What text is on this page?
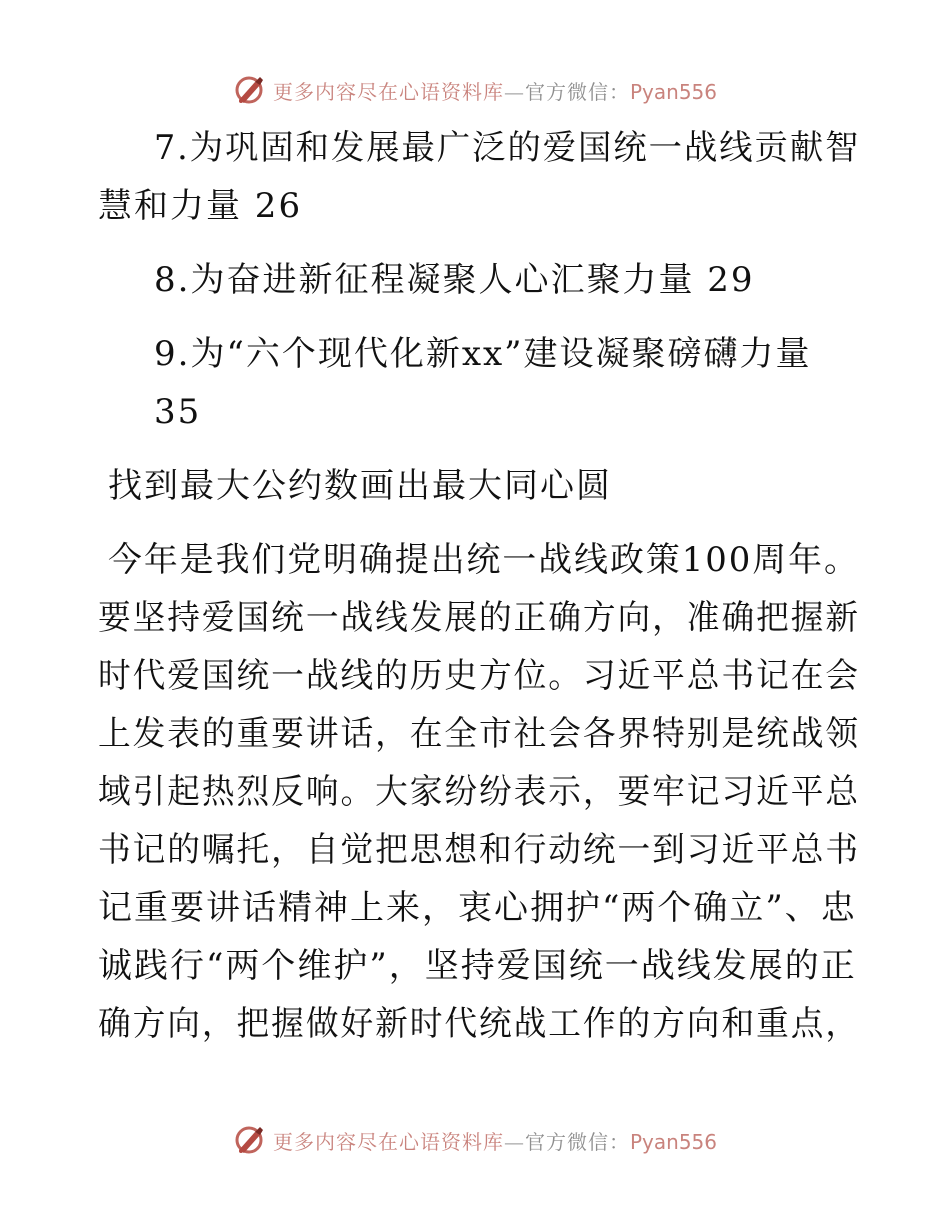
更多内容尽在心语资料库—官方微信：Pyan556
7.为巩固和发展最广泛的爱国统一战线贡献智
慧和力量 26
8.为奋进新征程凝聚人心汇聚力量 29
9.为“六个现代化新xx”建设凝聚磅礴力量
35
找到最大公约数画出最大同心圆
今年是我们党明确提出统一战线政策100周年。
要坚持爱国统一战线发展的正确方向，准确把握新
时代爱国统一战线的历史方位。习近平总书记在会
上发表的重要讲话，在全市社会各界特别是统战领
域引起热烈反响。大家纷纷表示，要牢记习近平总
书记的嘱托，自觉把思想和行动统一到习近平总书
记重要讲话精神上来，衷心拥护“两个确立”、忠
诚践行“两个维护”，坚持爱国统一战线发展的正
确方向，把握做好新时代统战工作的方向和重点，
更多内容尽在心语资料库—官方微信：Pyan556
